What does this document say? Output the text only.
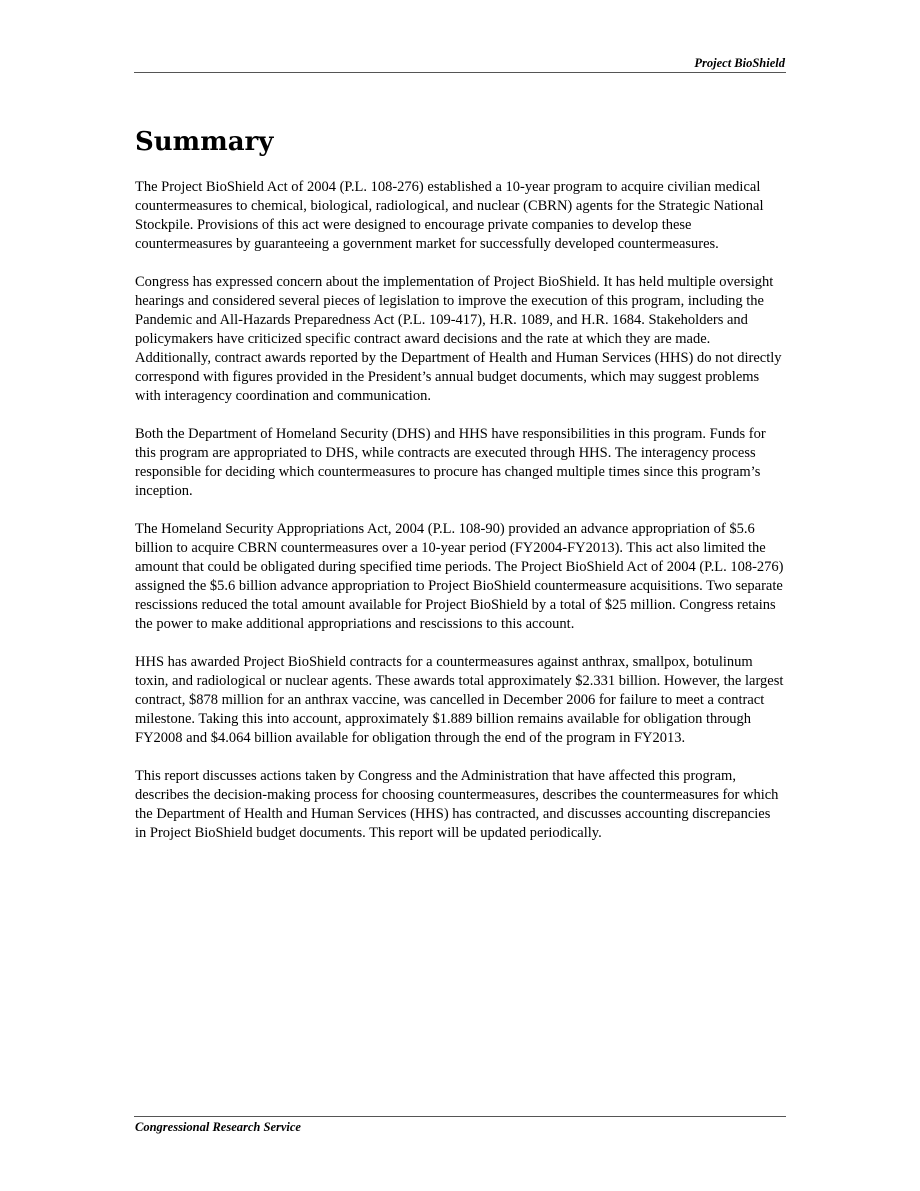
Project BioShield
Summary

The Project BioShield Act of 2004 (P.L. 108-276) established a 10-year program to acquire civilian medical countermeasures to chemical, biological, radiological, and nuclear (CBRN) agents for the Strategic National Stockpile. Provisions of this act were designed to encourage private companies to develop these countermeasures by guaranteeing a government market for successfully developed countermeasures.

Congress has expressed concern about the implementation of Project BioShield. It has held multiple oversight hearings and considered several pieces of legislation to improve the execution of this program, including the Pandemic and All-Hazards Preparedness Act (P.L. 109-417), H.R. 1089, and H.R. 1684. Stakeholders and policymakers have criticized specific contract award decisions and the rate at which they are made. Additionally, contract awards reported by the Department of Health and Human Services (HHS) do not directly correspond with figures provided in the President’s annual budget documents, which may suggest problems with interagency coordination and communication.

Both the Department of Homeland Security (DHS) and HHS have responsibilities in this program. Funds for this program are appropriated to DHS, while contracts are executed through HHS. The interagency process responsible for deciding which countermeasures to procure has changed multiple times since this program’s inception.

The Homeland Security Appropriations Act, 2004 (P.L. 108-90) provided an advance appropriation of $5.6 billion to acquire CBRN countermeasures over a 10-year period (FY2004-FY2013). This act also limited the amount that could be obligated during specified time periods. The Project BioShield Act of 2004 (P.L. 108-276) assigned the $5.6 billion advance appropriation to Project BioShield countermeasure acquisitions. Two separate rescissions reduced the total amount available for Project BioShield by a total of $25 million. Congress retains the power to make additional appropriations and rescissions to this account.

HHS has awarded Project BioShield contracts for a countermeasures against anthrax, smallpox, botulinum toxin, and radiological or nuclear agents. These awards total approximately $2.331 billion. However, the largest contract, $878 million for an anthrax vaccine, was cancelled in December 2006 for failure to meet a contract milestone. Taking this into account, approximately $1.889 billion remains available for obligation through FY2008 and $4.064 billion available for obligation through the end of the program in FY2013.

This report discusses actions taken by Congress and the Administration that have affected this program, describes the decision-making process for choosing countermeasures, describes the countermeasures for which the Department of Health and Human Services (HHS) has contracted, and discusses accounting discrepancies in Project BioShield budget documents. This report will be updated periodically.

Congressional Research Service
